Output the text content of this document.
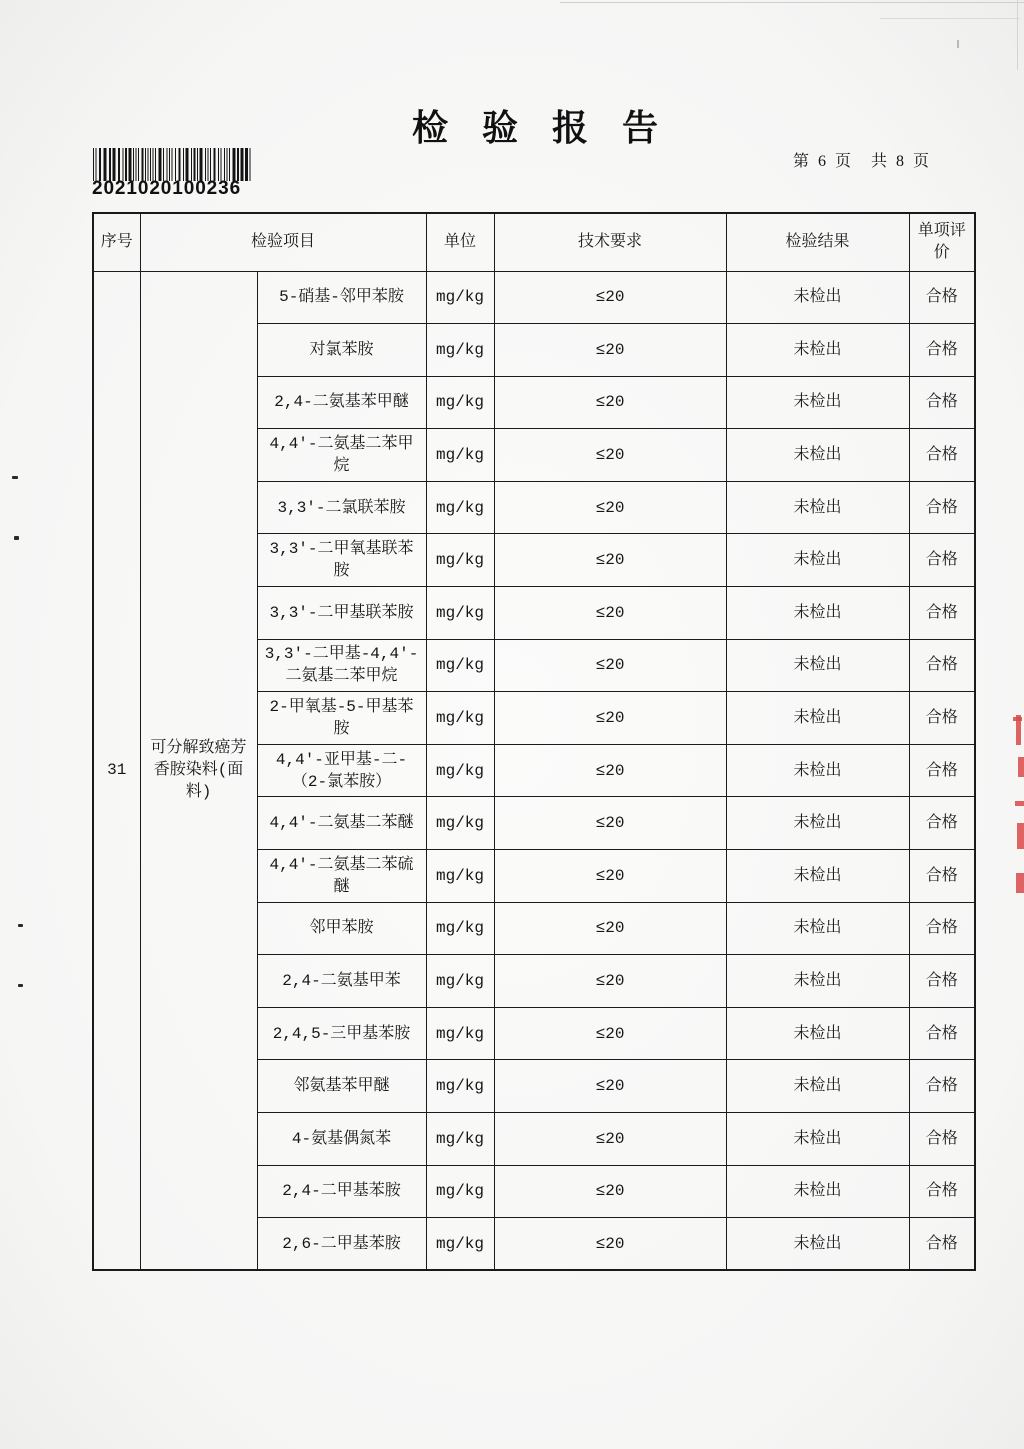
检 验 报 告
2021020100236
第 6 页 共 8 页
序号	检验项目		单位	技术要求	检验结果	单项评价
31	可分解致癌芳香胺染料(面料)	5-硝基-邻甲苯胺	mg/kg	≤20	未检出	合格
		对氯苯胺	mg/kg	≤20	未检出	合格
		2,4-二氨基苯甲醚	mg/kg	≤20	未检出	合格
		4,4′-二氨基二苯甲烷	mg/kg	≤20	未检出	合格
		3,3′-二氯联苯胺	mg/kg	≤20	未检出	合格
		3,3′-二甲氧基联苯胺	mg/kg	≤20	未检出	合格
		3,3′-二甲基联苯胺	mg/kg	≤20	未检出	合格
		3,3′-二甲基-4,4′-二氨基二苯甲烷	mg/kg	≤20	未检出	合格
		2-甲氧基-5-甲基苯胺	mg/kg	≤20	未检出	合格
		4,4′-亚甲基-二-（2-氯苯胺）	mg/kg	≤20	未检出	合格
		4,4′-二氨基二苯醚	mg/kg	≤20	未检出	合格
		4,4′-二氨基二苯硫醚	mg/kg	≤20	未检出	合格
		邻甲苯胺	mg/kg	≤20	未检出	合格
		2,4-二氨基甲苯	mg/kg	≤20	未检出	合格
		2,4,5-三甲基苯胺	mg/kg	≤20	未检出	合格
		邻氨基苯甲醚	mg/kg	≤20	未检出	合格
		4-氨基偶氮苯	mg/kg	≤20	未检出	合格
		2,4-二甲基苯胺	mg/kg	≤20	未检出	合格
		2,6-二甲基苯胺	mg/kg	≤20	未检出	合格
